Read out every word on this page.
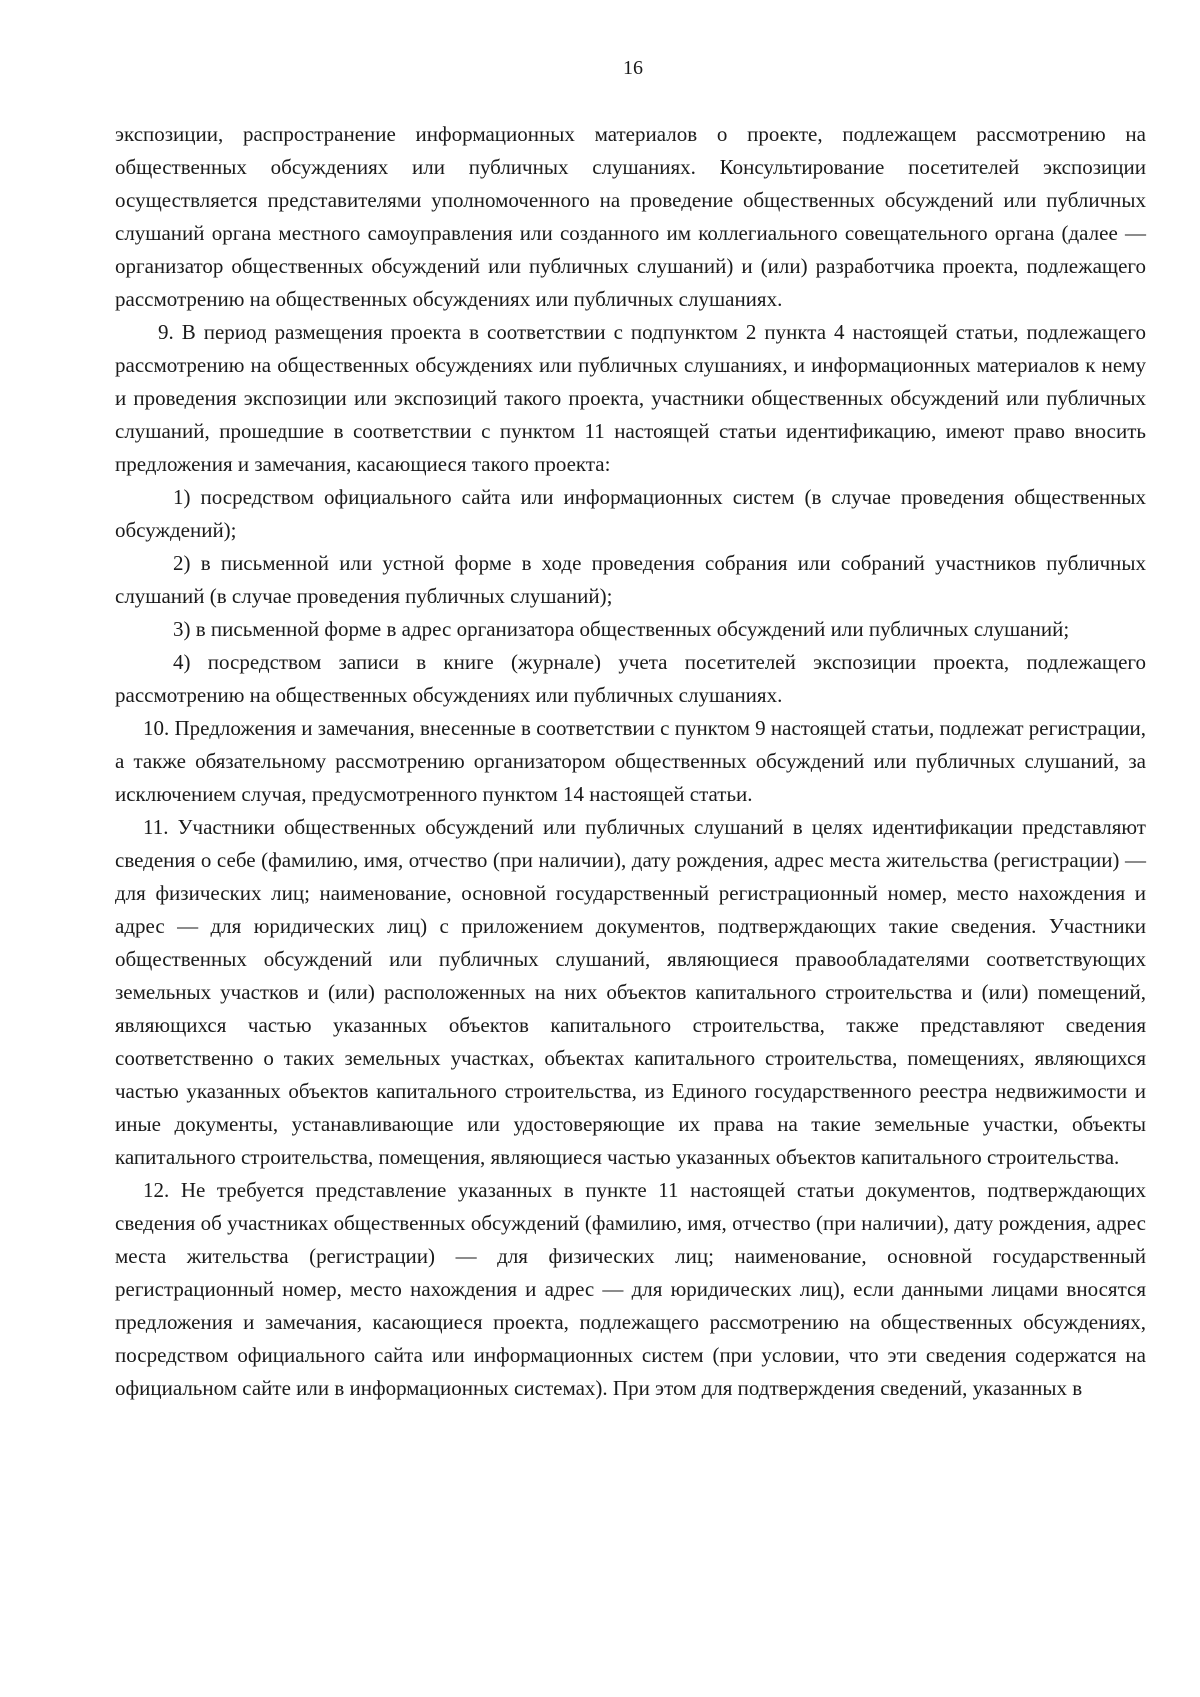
16

экспозиции, распространение информационных материалов о проекте, подлежащем рассмотрению на общественных обсуждениях или публичных слушаниях. Консультирование посетителей экспозиции осуществляется представителями уполномоченного на проведение общественных обсуждений или публичных слушаний органа местного самоуправления или созданного им коллегиального совещательного органа (далее — организатор общественных обсуждений или публичных слушаний) и (или) разработчика проекта, подлежащего рассмотрению на общественных обсуждениях или публичных слушаниях.

9. В период размещения проекта в соответствии с подпунктом 2 пункта 4 настоящей статьи, подлежащего рассмотрению на общественных обсуждениях или публичных слушаниях, и информационных материалов к нему и проведения экспозиции или экспозиций такого проекта, участники общественных обсуждений или публичных слушаний, прошедшие в соответствии с пунктом 11 настоящей статьи идентификацию, имеют право вносить предложения и замечания, касающиеся такого проекта:

1) посредством официального сайта или информационных систем (в случае проведения общественных обсуждений);

2) в письменной или устной форме в ходе проведения собрания или собраний участников публичных слушаний (в случае проведения публичных слушаний);

3) в письменной форме в адрес организатора общественных обсуждений или публичных слушаний;

4) посредством записи в книге (журнале) учета посетителей экспозиции проекта, подлежащего рассмотрению на общественных обсуждениях или публичных слушаниях.

10. Предложения и замечания, внесенные в соответствии с пунктом 9 настоящей статьи, подлежат регистрации, а также обязательному рассмотрению организатором общественных обсуждений или публичных слушаний, за исключением случая, предусмотренного пунктом 14 настоящей статьи.

11. Участники общественных обсуждений или публичных слушаний в целях идентификации представляют сведения о себе (фамилию, имя, отчество (при наличии), дату рождения, адрес места жительства (регистрации) — для физических лиц; наименование, основной государственный регистрационный номер, место нахождения и адрес — для юридических лиц) с приложением документов, подтверждающих такие сведения. Участники общественных обсуждений или публичных слушаний, являющиеся правообладателями соответствующих земельных участков и (или) расположенных на них объектов капитального строительства и (или) помещений, являющихся частью указанных объектов капитального строительства, также представляют сведения соответственно о таких земельных участках, объектах капитального строительства, помещениях, являющихся частью указанных объектов капитального строительства, из Единого государственного реестра недвижимости и иные документы, устанавливающие или удостоверяющие их права на такие земельные участки, объекты капитального строительства, помещения, являющиеся частью указанных объектов капитального строительства.

12. Не требуется представление указанных в пункте 11 настоящей статьи документов, подтверждающих сведения об участниках общественных обсуждений (фамилию, имя, отчество (при наличии), дату рождения, адрес места жительства (регистрации) — для физических лиц; наименование, основной государственный регистрационный номер, место нахождения и адрес — для юридических лиц), если данными лицами вносятся предложения и замечания, касающиеся проекта, подлежащего рассмотрению на общественных обсуждениях, посредством официального сайта или информационных систем (при условии, что эти сведения содержатся на официальном сайте или в информационных системах). При этом для подтверждения сведений, указанных в
